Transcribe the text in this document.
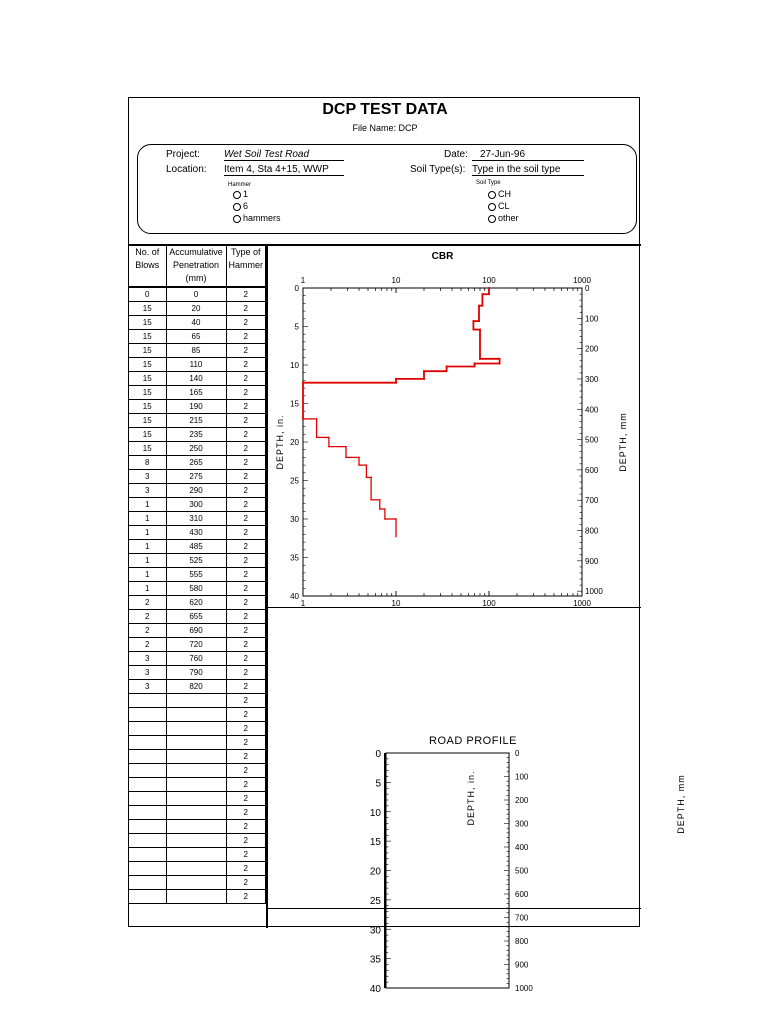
DCP TEST DATA
File Name: DCP
Project: Wet Soil Test Road
Location: Item 4, Sta 4+15, WWP
Date:	27-Jun-96
Soil Type(s): Type in the soil type
Hammer
1
6
hammers
Soil Type
CH
CL
other
No. of Blows	Accumulative Penetration (mm)	Type of Hammer
0	0	2
15	20	2
15	40	2
15	65	2
15	85	2
15	110	2
15	140	2
15	165	2
15	190	2
15	215	2
15	235	2
15	250	2
8	265	2
3	275	2
3	290	2
1	300	2
1	310	2
1	430	2
1	485	2
1	525	2
1	555	2
1	580	2
2	620	2
2	655	2
2	690	2
2	720	2
3	760	2
3	790	2
3	820	2
		2
		2
		2
		2
		2
		2
		2
		2
		2
		2
		2
		2
		2
		2
		2
CBR
1
1
10
10
100
100
1000
1000
0
5
10
15
20
25
30
35
40
0
100
200
300
400
500
600
700
800
900
1000
DEPTH, in.	DEPTH, mm
ROAD PROFILE
0
5
10
15
20
25
30
35
40
0
100
200
300
400
500
600
700
800
900
1000
DEPTH, in.	DEPTH, mm
